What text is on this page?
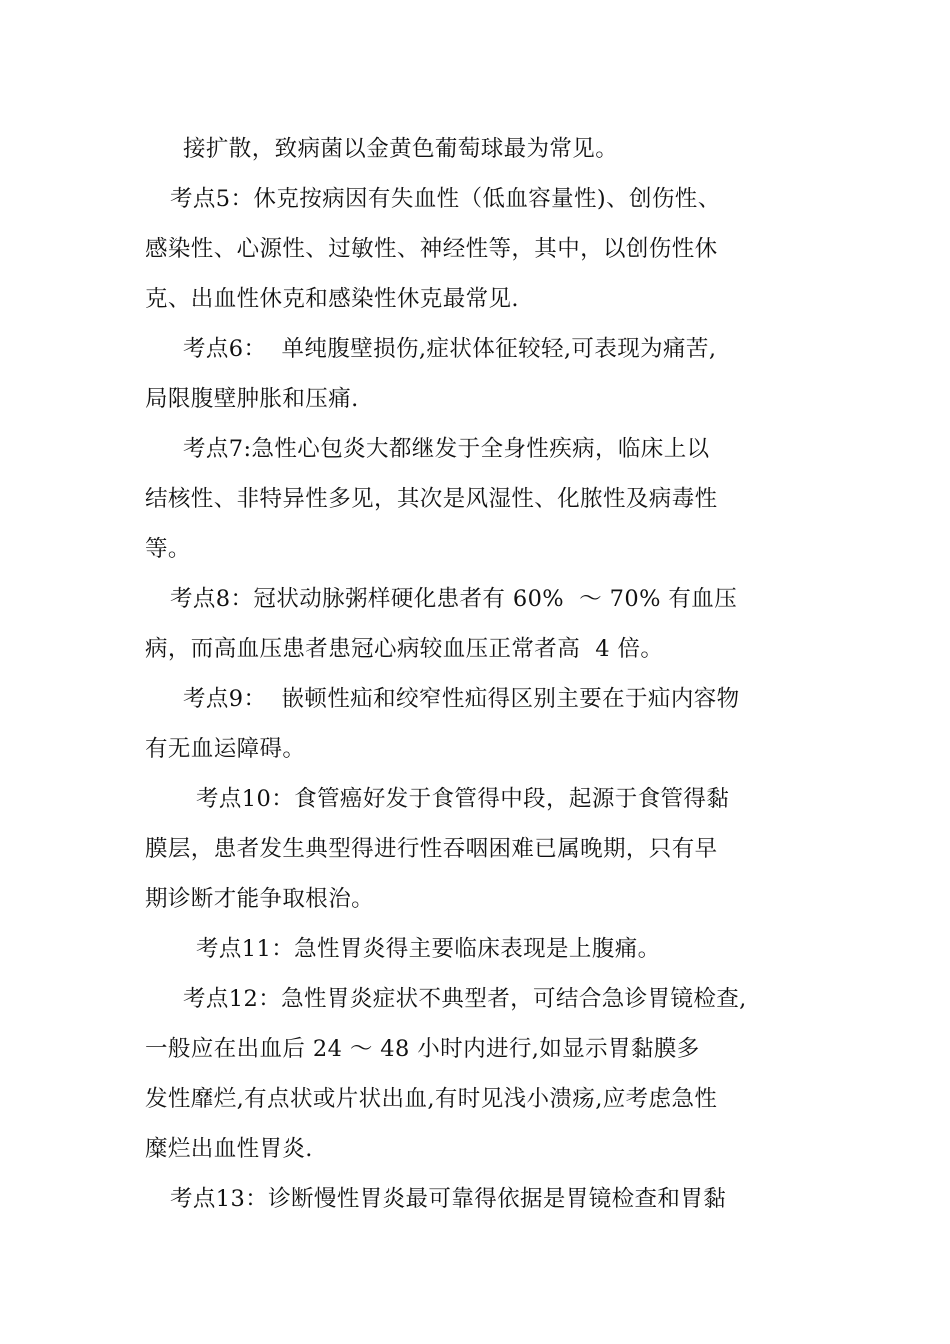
接扩散，致病菌以金黄色葡萄球最为常见。
考点5：休克按病因有失血性（低血容量性)、创伤性、
感染性、心源性、过敏性、神经性等，其中，以创伤性休
克、出血性休克和感染性休克最常见.
考点6：  单纯腹壁损伤,症状体征较轻,可表现为痛苦,
局限腹壁肿胀和压痛.
考点7:急性心包炎大都继发于全身性疾病，临床上以
结核性、非特异性多见，其次是风湿性、化脓性及病毒性
等。
考点8：冠状动脉粥样硬化患者有 60%  ～ 70% 有血压
病，而高血压患者患冠心病较血压正常者高  4 倍。
考点9：  嵌顿性疝和绞窄性疝得区别主要在于疝内容物
有无血运障碍。
考点10：食管癌好发于食管得中段，起源于食管得黏
膜层，患者发生典型得进行性吞咽困难已属晚期，只有早
期诊断才能争取根治。
考点11：急性胃炎得主要临床表现是上腹痛。
考点12：急性胃炎症状不典型者，可结合急诊胃镜检查,
一般应在出血后 24 ～ 48 小时内进行,如显示胃黏膜多
发性靡烂,有点状或片状出血,有时见浅小溃疡,应考虑急性
糜烂出血性胃炎.
考点13：诊断慢性胃炎最可靠得依据是胃镜检查和胃黏
